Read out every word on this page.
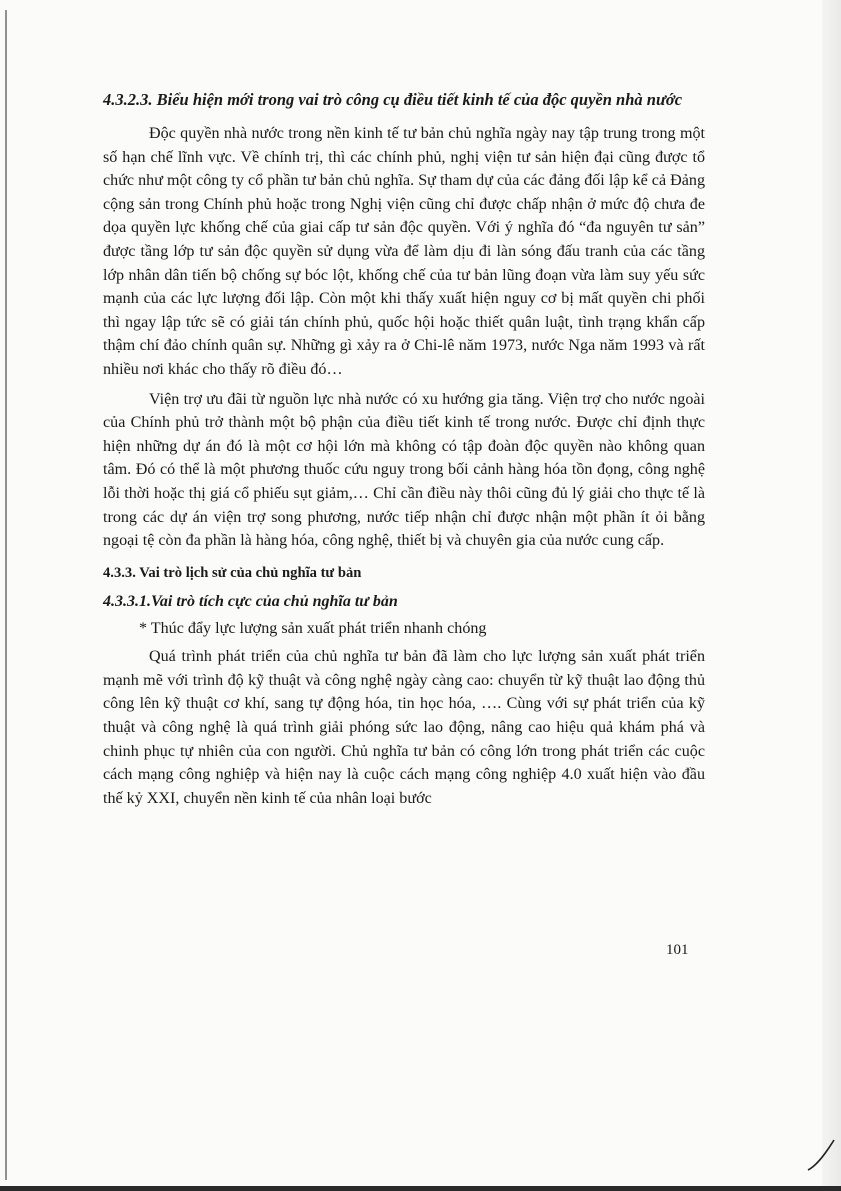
4.3.2.3. Biểu hiện mới trong vai trò công cụ điều tiết kinh tế của độc quyền nhà nước

Độc quyền nhà nước trong nền kinh tế tư bản chủ nghĩa ngày nay tập trung trong một số hạn chế lĩnh vực. Về chính trị, thì các chính phủ, nghị viện tư sản hiện đại cũng được tổ chức như một công ty cổ phần tư bản chủ nghĩa. Sự tham dự của các đảng đối lập kể cả Đảng cộng sản trong Chính phủ hoặc trong Nghị viện cũng chỉ được chấp nhận ở mức độ chưa đe dọa quyền lực khống chế của giai cấp tư sản độc quyền. Với ý nghĩa đó “đa nguyên tư sản” được tầng lớp tư sản độc quyền sử dụng vừa để làm dịu đi làn sóng đấu tranh của các tầng lớp nhân dân tiến bộ chống sự bóc lột, khống chế của tư bản lũng đoạn vừa làm suy yếu sức mạnh của các lực lượng đối lập. Còn một khi thấy xuất hiện nguy cơ bị mất quyền chi phối thì ngay lập tức sẽ có giải tán chính phủ, quốc hội hoặc thiết quân luật, tình trạng khẩn cấp thậm chí đảo chính quân sự. Những gì xảy ra ở Chi-lê năm 1973, nước Nga năm 1993 và rất nhiều nơi khác cho thấy rõ điều đó…

Viện trợ ưu đãi từ nguồn lực nhà nước có xu hướng gia tăng. Viện trợ cho nước ngoài của Chính phủ trở thành một bộ phận của điều tiết kinh tế trong nước. Được chỉ định thực hiện những dự án đó là một cơ hội lớn mà không có tập đoàn độc quyền nào không quan tâm. Đó có thể là một phương thuốc cứu nguy trong bối cảnh hàng hóa tồn đọng, công nghệ lỗi thời hoặc thị giá cổ phiếu sụt giảm,… Chỉ cần điều này thôi cũng đủ lý giải cho thực tế là trong các dự án viện trợ song phương, nước tiếp nhận chỉ được nhận một phần ít ỏi bằng ngoại tệ còn đa phần là hàng hóa, công nghệ, thiết bị và chuyên gia của nước cung cấp.

4.3.3. Vai trò lịch sử của chủ nghĩa tư bản
4.3.3.1.Vai trò tích cực của chủ nghĩa tư bản

* Thúc đẩy lực lượng sản xuất phát triển nhanh chóng

Quá trình phát triển của chủ nghĩa tư bản đã làm cho lực lượng sản xuất phát triển mạnh mẽ với trình độ kỹ thuật và công nghệ ngày càng cao: chuyển từ kỹ thuật lao động thủ công lên kỹ thuật cơ khí, sang tự động hóa, tin học hóa, …. Cùng với sự phát triển của kỹ thuật và công nghệ là quá trình giải phóng sức lao động, nâng cao hiệu quả khám phá và chinh phục tự nhiên của con người. Chủ nghĩa tư bản có công lớn trong phát triển các cuộc cách mạng công nghiệp và hiện nay là cuộc cách mạng công nghiệp 4.0 xuất hiện vào đầu thế kỷ XXI, chuyển nền kinh tế của nhân loại bước

101
